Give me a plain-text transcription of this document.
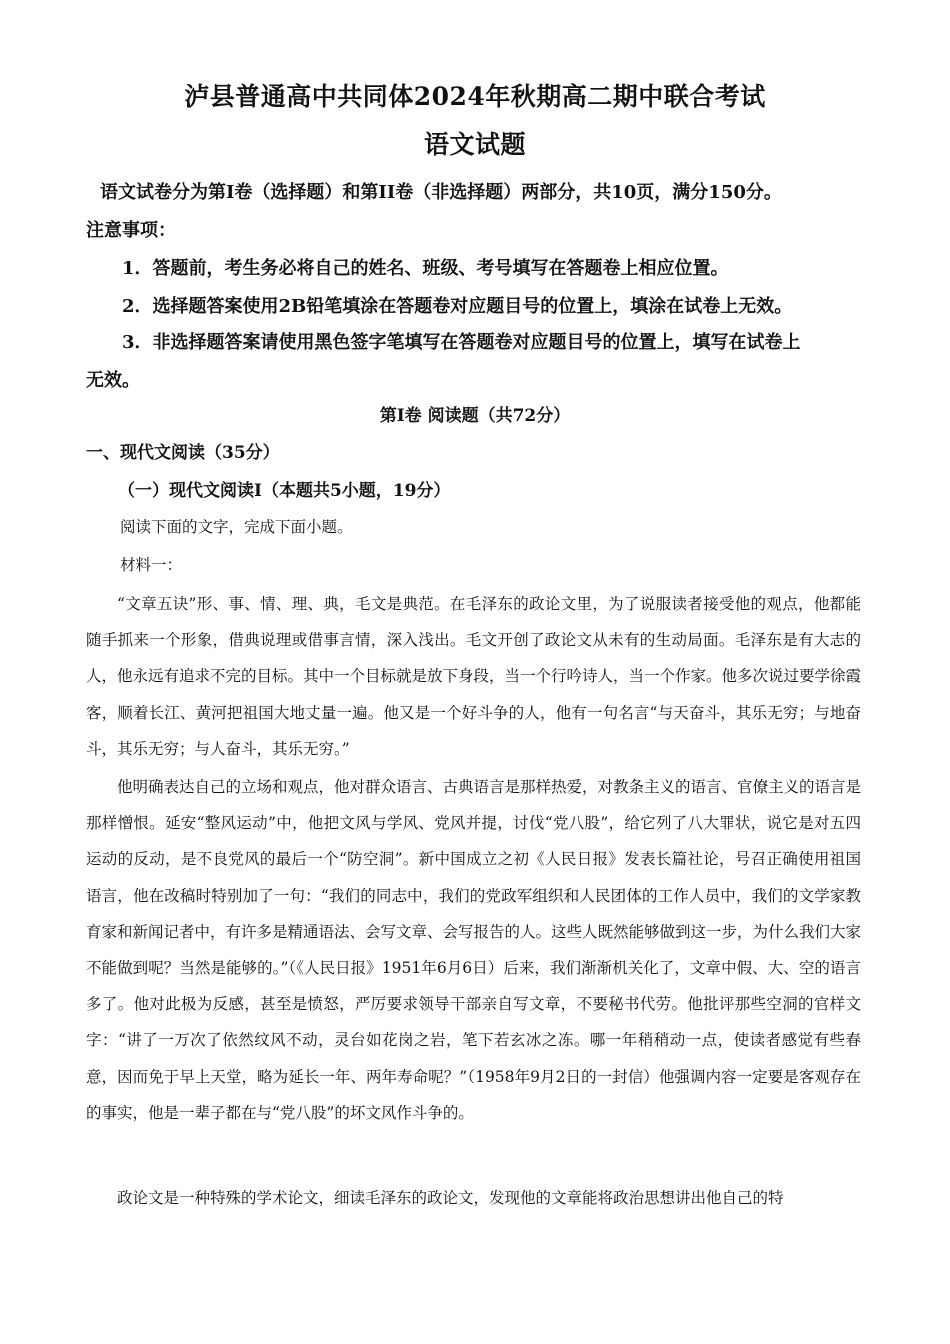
泸县普通高中共同体2024年秋期高二期中联合考试
语文试题
语文试卷分为第I卷（选择题）和第II卷（非选择题）两部分，共10页，满分150分。
注意事项：
1．答题前，考生务必将自己的姓名、班级、考号填写在答题卷上相应位置。
2．选择题答案使用2B铅笔填涂在答题卷对应题目号的位置上，填涂在试卷上无效。
3．非选择题答案请使用黑色签字笔填写在答题卷对应题目号的位置上，填写在试卷上
无效。
第I卷 阅读题（共72分）
一、现代文阅读（35分）
（一）现代文阅读I（本题共5小题，19分）
阅读下面的文字，完成下面小题。
材料一：

“文章五诀”形、事、情、理、典，毛文是典范。在毛泽东的政论文里，为了说服读者接受他的观点，他都能随手抓来一个形象，借典说理或借事言情，深入浅出。毛文开创了政论文从未有的生动局面。毛泽东是有大志的人，他永远有追求不完的目标。其中一个目标就是放下身段，当一个行吟诗人，当一个作家。他多次说过要学徐霞客，顺着长江、黄河把祖国大地丈量一遍。他又是一个好斗争的人，他有一句名言“与天奋斗，其乐无穷；与地奋斗，其乐无穷；与人奋斗，其乐无穷。”

他明确表达自己的立场和观点，他对群众语言、古典语言是那样热爱，对教条主义的语言、官僚主义的语言是那样憎恨。延安“整风运动”中，他把文风与学风、党风并提，讨伐“党八股”，给它列了八大罪状，说它是对五四运动的反动，是不良党风的最后一个“防空洞”。新中国成立之初《人民日报》发表长篇社论，号召正确使用祖国语言，他在改稿时特别加了一句：“我们的同志中，我们的党政军组织和人民团体的工作人员中，我们的文学家教育家和新闻记者中，有许多是精通语法、会写文章、会写报告的人。这些人既然能够做到这一步，为什么我们大家不能做到呢？当然是能够的。”（《人民日报》1951年6月6日）后来，我们渐渐机关化了，文章中假、大、空的语言多了。他对此极为反感，甚至是愤怒，严厉要求领导干部亲自写文章，不要秘书代劳。他批评那些空洞的官样文字：“讲了一万次了依然纹风不动，灵台如花岗之岩，笔下若玄冰之冻。哪一年稍稍动一点，使读者感觉有些春意，因而免于早上天堂，略为延长一年、两年寿命呢？”（1958年9月2日的一封信）他强调内容一定要是客观存在的事实，他是一辈子都在与“党八股”的坏文风作斗争的。

政论文是一种特殊的学术论文，细读毛泽东的政论文，发现他的文章能将政治思想讲出他自己的特
